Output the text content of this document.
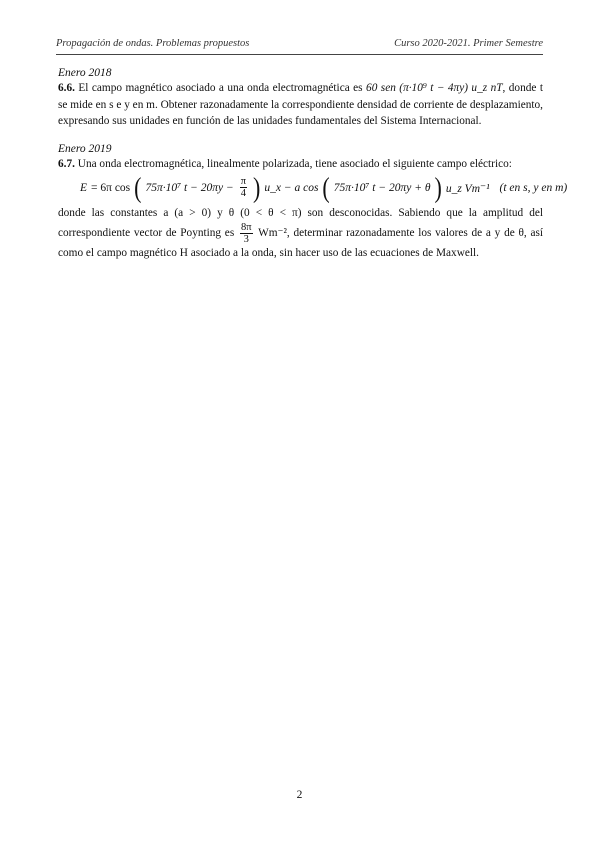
Propagación de ondas. Problemas propuestos	Curso 2020-2021. Primer Semestre

Enero 2018

6.6. El campo magnético asociado a una onda electromagnética es 60 sen (π·10⁹ t − 4πy) u_z nT, donde t se mide en s e y en m. Obtener razonadamente la correspondiente densidad de corriente de desplazamiento, expresando sus unidades en función de las unidades fundamentales del Sistema Internacional.

Enero 2019

6.7. Una onda electromagnética, linealmente polarizada, tiene asociado el siguiente campo eléctrico:

E = 6π cos ( 75π·10⁷ $t - 20\pi y - \frac{\pi}{4}$ ) u_x − a cos ( 75π·10⁷ t − 20πy + θ ) u_z Vm⁻¹ (t en s, y en m)

donde las constantes a (a > 0) y θ (0 < θ < π) son desconocidas. Sabiendo que la amplitud del correspondiente vector de Poynting es $\frac{8\pi}{3} Wm^{-2}$, determinar razonadamente los valores de a y de θ, así como el campo magnético H asociado a la onda, sin hacer uso de las ecuaciones de Maxwell.

2
